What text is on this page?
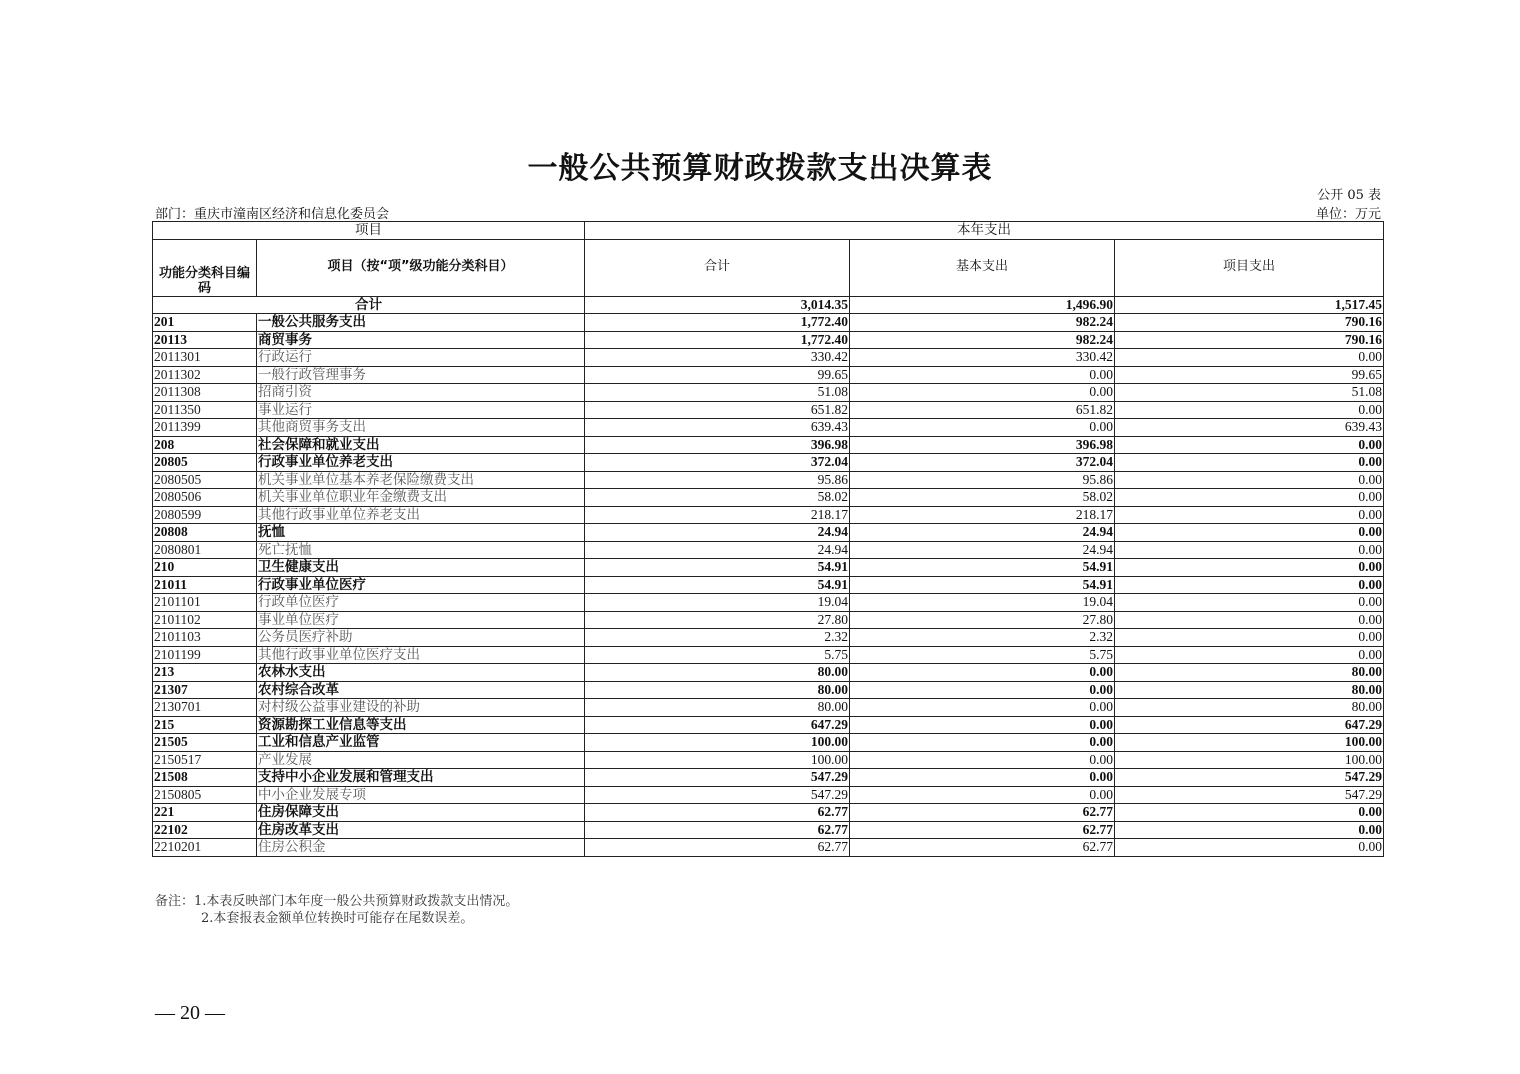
一般公共预算财政拨款支出决算表
公开 05 表
部门：重庆市潼南区经济和信息化委员会	单位：万元
项目		本年支出		

功能分类科目编码	项目（按“项”级功能分类科目）	合计	基本支出	项目支出
合计		3,014.35	1,496.90	1,517.45
201	一般公共服务支出	1,772.40	982.24	790.16
20113	商贸事务	1,772.40	982.24	790.16
2011301	行政运行	330.42	330.42	0.00
2011302	一般行政管理事务	99.65	0.00	99.65
2011308	招商引资	51.08	0.00	51.08
2011350	事业运行	651.82	651.82	0.00
2011399	其他商贸事务支出	639.43	0.00	639.43
208	社会保障和就业支出	396.98	396.98	0.00
20805	行政事业单位养老支出	372.04	372.04	0.00
2080505	机关事业单位基本养老保险缴费支出	95.86	95.86	0.00
2080506	机关事业单位职业年金缴费支出	58.02	58.02	0.00
2080599	其他行政事业单位养老支出	218.17	218.17	0.00
20808	抚恤	24.94	24.94	0.00
2080801	死亡抚恤	24.94	24.94	0.00
210	卫生健康支出	54.91	54.91	0.00
21011	行政事业单位医疗	54.91	54.91	0.00
2101101	行政单位医疗	19.04	19.04	0.00
2101102	事业单位医疗	27.80	27.80	0.00
2101103	公务员医疗补助	2.32	2.32	0.00
2101199	其他行政事业单位医疗支出	5.75	5.75	0.00
213	农林水支出	80.00	0.00	80.00
21307	农村综合改革	80.00	0.00	80.00
2130701	对村级公益事业建设的补助	80.00	0.00	80.00
215	资源勘探工业信息等支出	647.29	0.00	647.29
21505	工业和信息产业监管	100.00	0.00	100.00
2150517	产业发展	100.00	0.00	100.00
21508	支持中小企业发展和管理支出	547.29	0.00	547.29
2150805	中小企业发展专项	547.29	0.00	547.29
221	住房保障支出	62.77	62.77	0.00
22102	住房改革支出	62.77	62.77	0.00
2210201	住房公积金	62.77	62.77	0.00
备注：1.本表反映部门本年度一般公共预算财政拨款支出情况。
2.本套报表金额单位转换时可能存在尾数误差。
— 20 —
